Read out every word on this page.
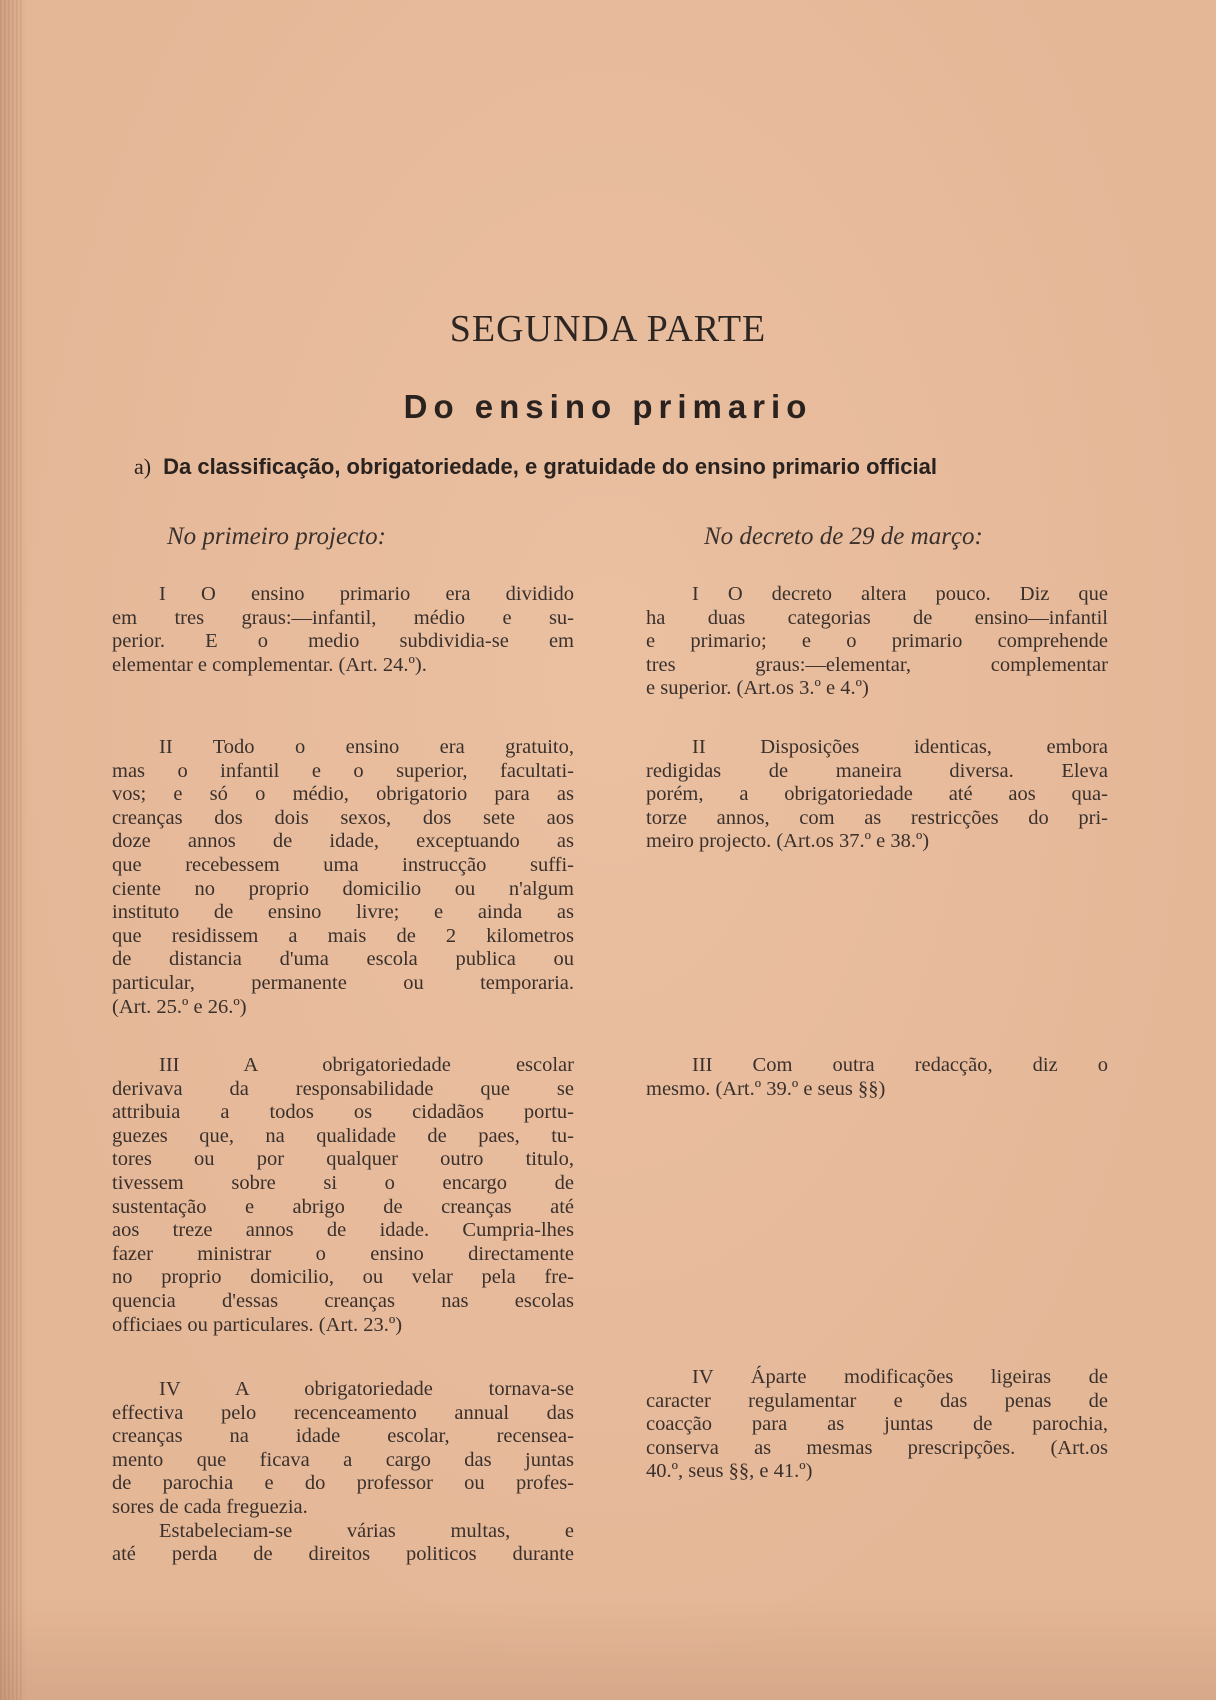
SEGUNDA PARTE
Do ensino primario
a) Da classificação, obrigatoriedade, e gratuidade do ensino primario official
No primeiro projecto:	No decreto de 29 de março:
I O ensino primario era dividido
em tres graus:—infantil, médio e su-
perior. E o medio subdividia-se em
elementar e complementar. (Art. 24.º).
II Todo o ensino era gratuito,
mas o infantil e o superior, facultati-
vos; e só o médio, obrigatorio para as
creanças dos dois sexos, dos sete aos
doze annos de idade, exceptuando as
que recebessem uma instrucção suffi-
ciente no proprio domicilio ou n'algum
instituto de ensino livre; e ainda as
que residissem a mais de 2 kilometros
de distancia d'uma escola publica ou
particular, permanente ou temporaria.
(Art. 25.º e 26.º)
III A obrigatoriedade escolar
derivava da responsabilidade que se
attribuia a todos os cidadãos portu-
guezes que, na qualidade de paes, tu-
tores ou por qualquer outro titulo,
tivessem sobre si o encargo de
sustentação e abrigo de creanças até
aos treze annos de idade. Cumpria-lhes
fazer ministrar o ensino directamente
no proprio domicilio, ou velar pela fre-
quencia d'essas creanças nas escolas
officiaes ou particulares. (Art. 23.º)
IV A obrigatoriedade tornava-se
effectiva pelo recenceamento annual das
creanças na idade escolar, recensea-
mento que ficava a cargo das juntas
de parochia e do professor ou profes-
sores de cada freguezia.
Estabeleciam-se várias multas, e
até perda de direitos politicos durante
I O decreto altera pouco. Diz que
ha duas categorias de ensino—infantil
e primario; e o primario comprehende
tres graus:—elementar, complementar
e superior. (Art.os 3.º e 4.º)
II Disposições identicas, embora
redigidas de maneira diversa. Eleva
porém, a obrigatoriedade até aos qua-
torze annos, com as restricções do pri-
meiro projecto. (Art.os 37.º e 38.º)
III Com outra redacção, diz o
mesmo. (Art.º 39.º e seus §§)
IV Áparte modificações ligeiras de
caracter regulamentar e das penas de
coacção para as juntas de parochia,
conserva as mesmas prescripções. (Art.os
40.º, seus §§, e 41.º)
